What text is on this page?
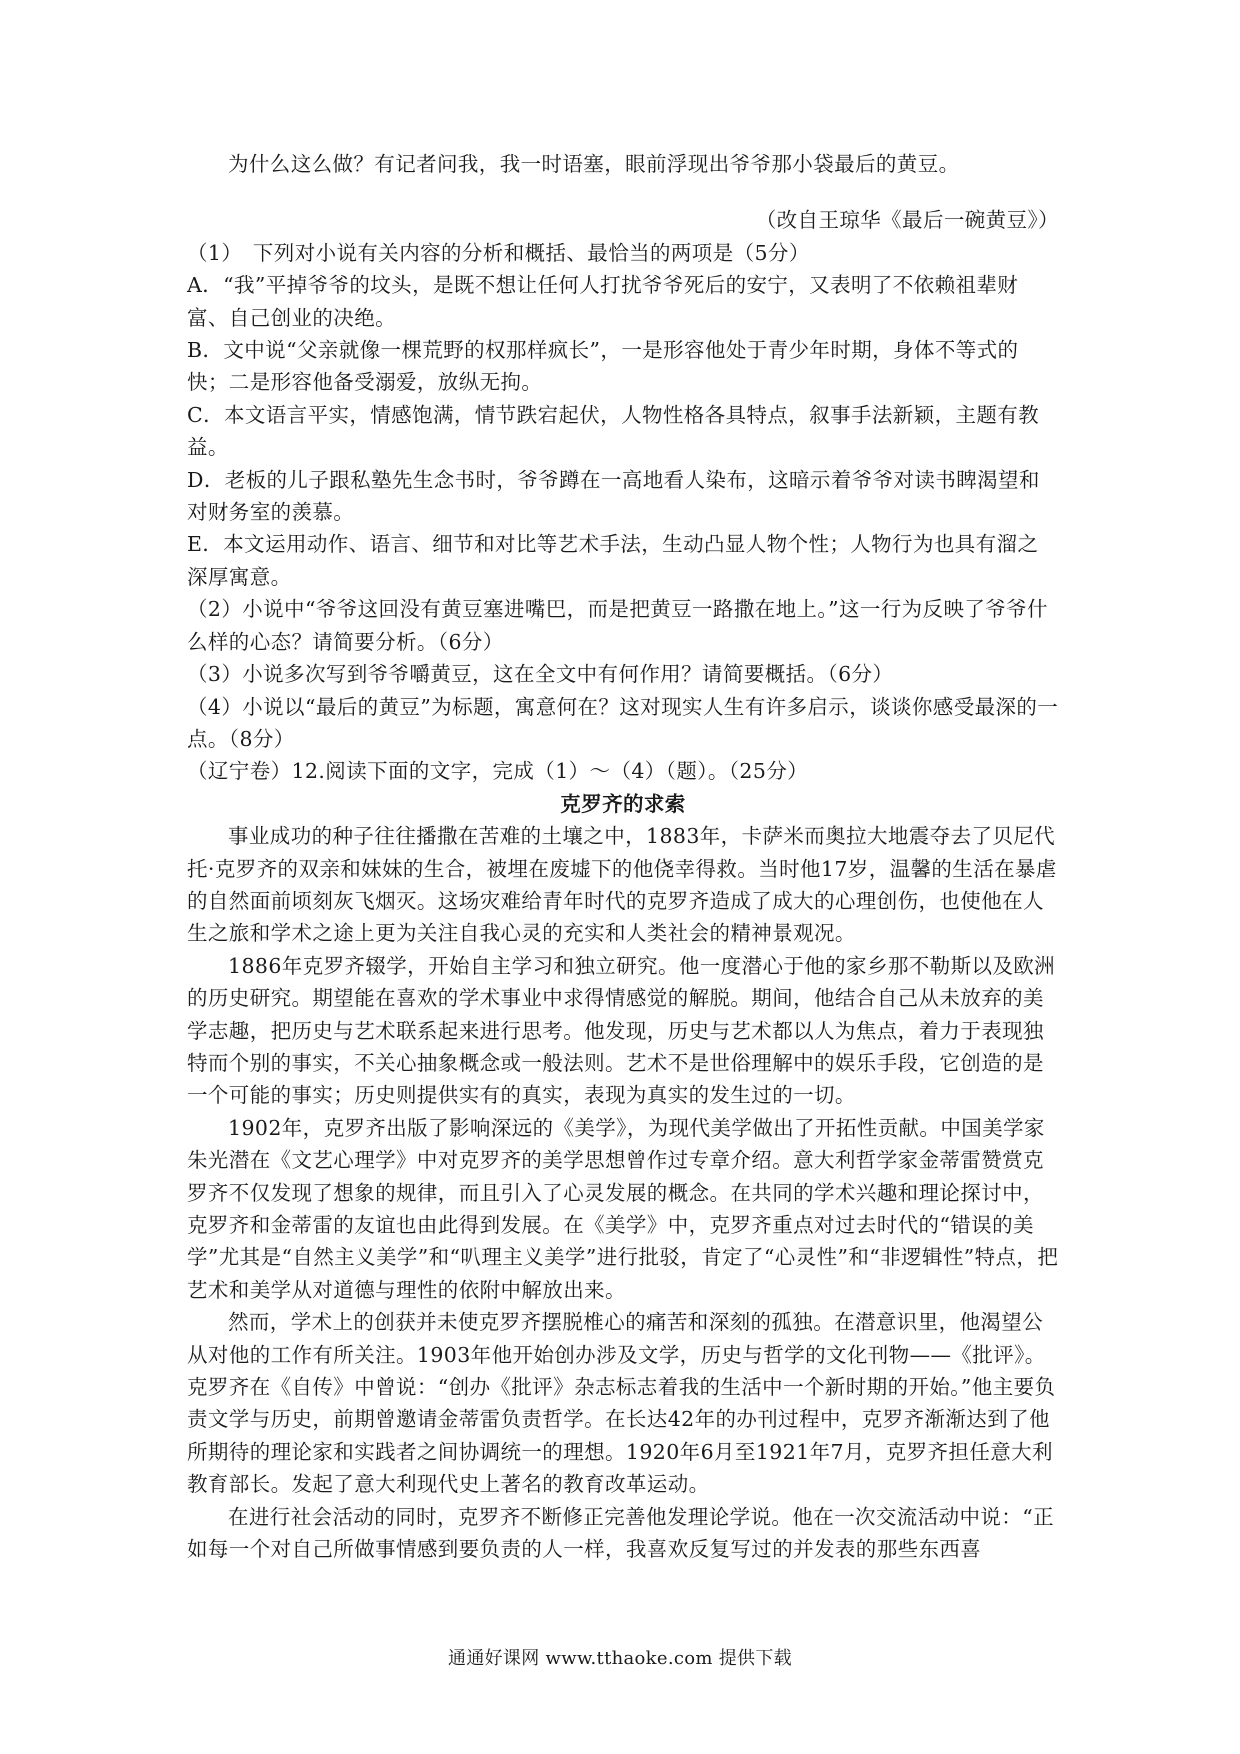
为什么这么做？有记者问我，我一时语塞，眼前浮现出爷爷那小袋最后的黄豆。

（改自王琼华《最后一碗黄豆》）

（1）　下列对小说有关内容的分析和概括、最恰当的两项是（5分）

A．“我”平掉爷爷的坟头，是既不想让任何人打扰爷爷死后的安宁，又表明了不依赖祖辈财富、自己创业的决绝。

B．文中说“父亲就像一棵荒野的权那样疯长”，一是形容他处于青少年时期，身体不等式的快；二是形容他备受溺爱，放纵无拘。

C．本文语言平实，情感饱满，情节跌宕起伏，人物性格各具特点，叙事手法新颖，主题有教益。

D．老板的儿子跟私塾先生念书时，爷爷蹲在一高地看人染布，这暗示着爷爷对读书睥渴望和对财务室的羡慕。

E．本文运用动作、语言、细节和对比等艺术手法，生动凸显人物个性；人物行为也具有溜之深厚寓意。

（2）小说中“爷爷这回没有黄豆塞进嘴巴，而是把黄豆一路撒在地上。”这一行为反映了爷爷什么样的心态？请简要分析。（6分）

（3）小说多次写到爷爷嚼黄豆，这在全文中有何作用？请简要概括。（6分）

（4）小说以“最后的黄豆”为标题，寓意何在？这对现实人生有许多启示，谈谈你感受最深的一点。（8分）

（辽宁卷）12.阅读下面的文字，完成（1）～（4）（题）。（25分）

克罗齐的求索

事业成功的种子往往播撒在苦难的土壤之中，1883年，卡萨米而奥拉大地震夺去了贝尼代托·克罗齐的双亲和妹妹的生合，被埋在废墟下的他侥幸得救。当时他17岁，温馨的生活在暴虐的自然面前顷刻灰飞烟灭。这场灾难给青年时代的克罗齐造成了成大的心理创伤，也使他在人生之旅和学术之途上更为关注自我心灵的充实和人类社会的精神景观况。

1886年克罗齐辍学，开始自主学习和独立研究。他一度潜心于他的家乡那不勒斯以及欧洲的历史研究。期望能在喜欢的学术事业中求得情感觉的解脱。期间，他结合自己从未放弃的美学志趣，把历史与艺术联系起来进行思考。他发现，历史与艺术都以人为焦点，着力于表现独特而个别的事实，不关心抽象概念或一般法则。艺术不是世俗理解中的娱乐手段，它创造的是一个可能的事实；历史则提供实有的真实，表现为真实的发生过的一切。

1902年，克罗齐出版了影响深远的《美学》，为现代美学做出了开拓性贡献。中国美学家朱光潜在《文艺心理学》中对克罗齐的美学思想曾作过专章介绍。意大利哲学家金蒂雷赞赏克罗齐不仅发现了想象的规律，而且引入了心灵发展的概念。在共同的学术兴趣和理论探讨中，克罗齐和金蒂雷的友谊也由此得到发展。在《美学》中，克罗齐重点对过去时代的“错误的美学”尤其是“自然主义美学”和“叭理主义美学”进行批驳，肯定了“心灵性”和“非逻辑性”特点，把艺术和美学从对道德与理性的依附中解放出来。

然而，学术上的创获并未使克罗齐摆脱椎心的痛苦和深刻的孤独。在潜意识里，他渴望公从对他的工作有所关注。1903年他开始创办涉及文学，历史与哲学的文化刊物——《批评》。克罗齐在《自传》中曾说：“创办《批评》杂志标志着我的生活中一个新时期的开始。”他主要负责文学与历史，前期曾邀请金蒂雷负责哲学。在长达42年的办刊过程中，克罗齐渐渐达到了他所期待的理论家和实践者之间协调统一的理想。1920年6月至1921年7月，克罗齐担任意大利教育部长。发起了意大利现代史上著名的教育改革运动。

在进行社会活动的同时，克罗齐不断修正完善他发理论学说。他在一次交流活动中说：“正如每一个对自己所做事情感到要负责的人一样，我喜欢反复写过的并发表的那些东西喜

通通好课网 www.tthaoke.com 提供下载
